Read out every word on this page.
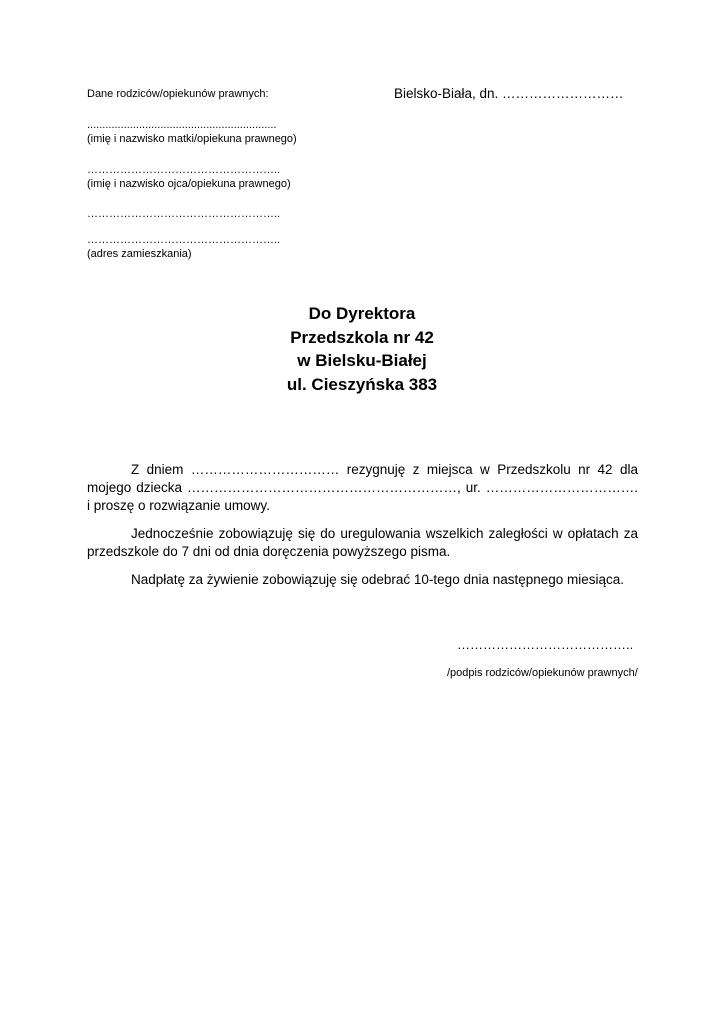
Dane rodziców/opiekunów prawnych:	Bielsko-Biała, dn. ………………………
..............................................................
(imię i nazwisko matki/opiekuna prawnego)
……………………………………………..
(imię i nazwisko ojca/opiekuna prawnego)
……………………………………………..
……………………………………………..
(adres zamieszkania)
Do Dyrektora
Przedszkola nr 42
w Bielsku-Białej
ul. Cieszyńska 383
Z dniem …………………………… rezygnuję z miejsca w Przedszkolu nr 42 dla
mojego dziecka ……………………………………………………, ur. …………………………….
i proszę o rozwiązanie umowy.
Jednocześnie zobowiązuję się do uregulowania wszelkich zaległości w opłatach za przedszkole do 7 dni od dnia doręczenia powyższego pisma.
Nadpłatę za żywienie zobowiązuję się odebrać 10-tego dnia następnego miesiąca.
…………………………………..
/podpis rodziców/opiekunów prawnych/
